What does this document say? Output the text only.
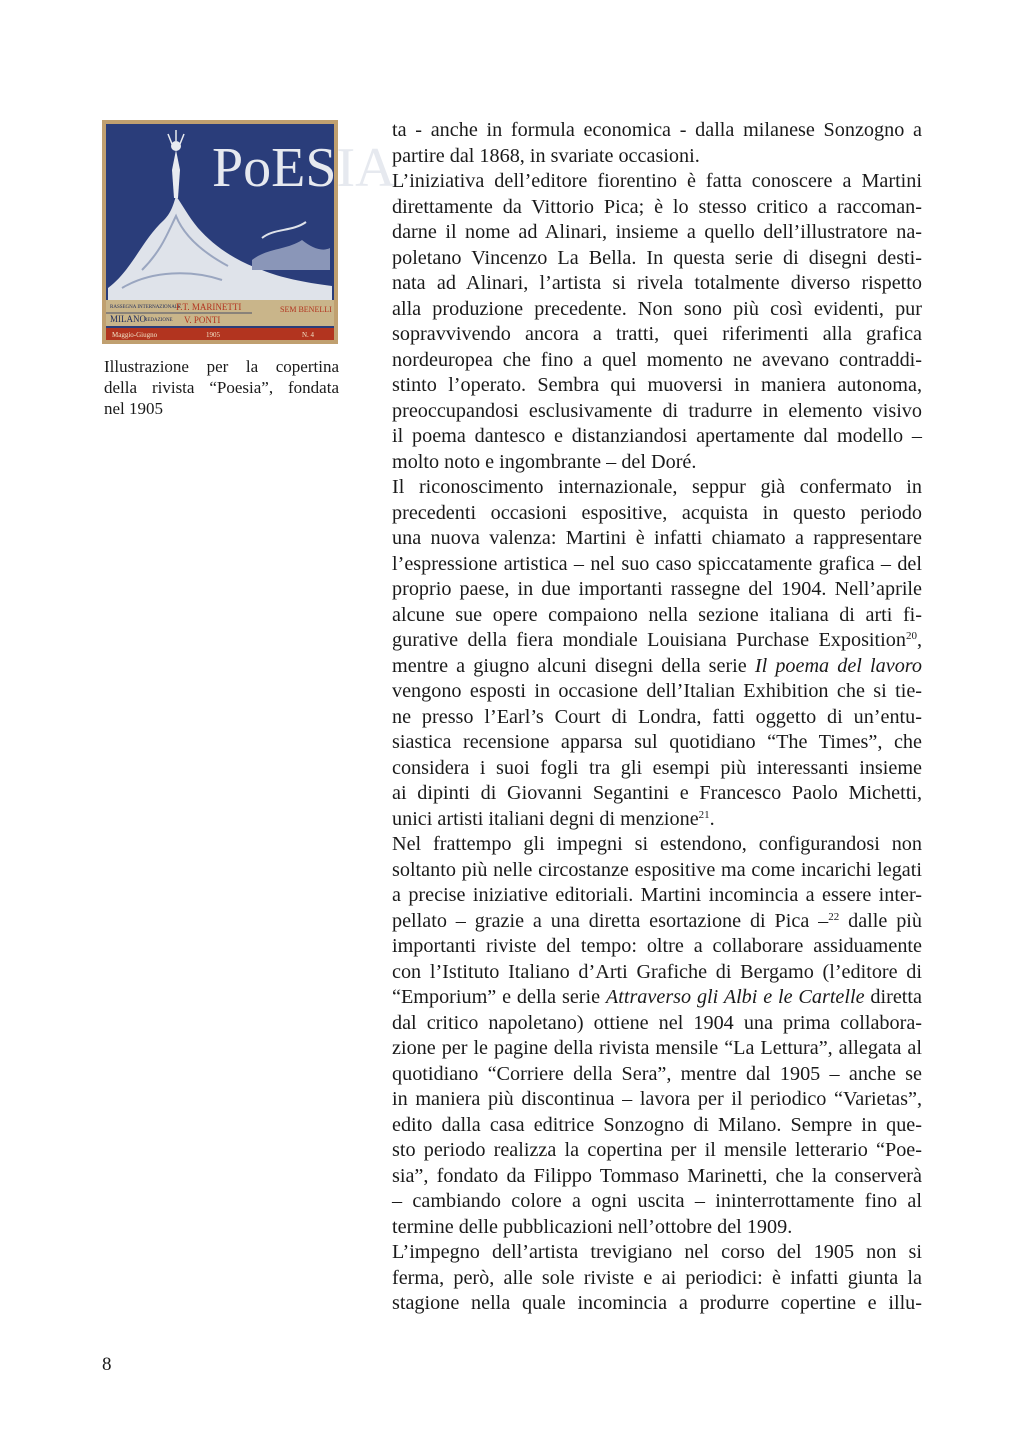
PoESIA
RASSEGNA INTERNAZIONALE
MILANO
REDAZIONE
F.T. MARINETTI
V. PONTI
SEM BENELLI
Maggio-Giugno	1905	N. 4
Illustrazione per la copertina
della rivista “Poesia”, fondata
nel 1905
ta - anche in formula economica - dalla milanese Sonzogno a
partire dal 1868, in svariate occasioni.
L’iniziativa dell’editore fiorentino è fatta conoscere a Martini
direttamente da Vittorio Pica; è lo stesso critico a raccoman-
darne il nome ad Alinari, insieme a quello dell’illustratore na-
poletano Vincenzo La Bella. In questa serie di disegni desti-
nata ad Alinari, l’artista si rivela totalmente diverso rispetto
alla produzione precedente. Non sono più così evidenti, pur
sopravvivendo ancora a tratti, quei riferimenti alla grafica
nordeuropea che fino a quel momento ne avevano contraddi-
stinto l’operato. Sembra qui muoversi in maniera autonoma,
preoccupandosi esclusivamente di tradurre in elemento visivo
il poema dantesco e distanziandosi apertamente dal modello –
molto noto e ingombrante – del Doré.
Il riconoscimento internazionale, seppur già confermato in
precedenti occasioni espositive, acquista in questo periodo
una nuova valenza: Martini è infatti chiamato a rappresentare
l’espressione artistica – nel suo caso spiccatamente grafica – del
proprio paese, in due importanti rassegne del 1904. Nell’aprile
alcune sue opere compaiono nella sezione italiana di arti fi-
gurative della fiera mondiale Louisiana Purchase Exposition$^{20}$,
mentre a giugno alcuni disegni della serie Il poema del lavoro
vengono esposti in occasione dell’Italian Exhibition che si tie-
ne presso l’Earl’s Court di Londra, fatti oggetto di un’entu-
siastica recensione apparsa sul quotidiano “The Times”, che
considera i suoi fogli tra gli esempi più interessanti insieme
ai dipinti di Giovanni Segantini e Francesco Paolo Michetti,
unici artisti italiani degni di menzione$^{21}$.
Nel frattempo gli impegni si estendono, configurandosi non
soltanto più nelle circostanze espositive ma come incarichi legati
a precise iniziative editoriali. Martini incomincia a essere inter-
pellato – grazie a una diretta esortazione di Pica –$^{22}$ dalle più
importanti riviste del tempo: oltre a collaborare assiduamente
con l’Istituto Italiano d’Arti Grafiche di Bergamo (l’editore di
“Emporium” e della serie Attraverso gli Albi e le Cartelle diretta
dal critico napoletano) ottiene nel 1904 una prima collabora-
zione per le pagine della rivista mensile “La Lettura”, allegata al
quotidiano “Corriere della Sera”, mentre dal 1905 – anche se
in maniera più discontinua – lavora per il periodico “Varietas”,
edito dalla casa editrice Sonzogno di Milano. Sempre in que-
sto periodo realizza la copertina per il mensile letterario “Poe-
sia”, fondato da Filippo Tommaso Marinetti, che la conserverà
– cambiando colore a ogni uscita – ininterrottamente fino al
termine delle pubblicazioni nell’ottobre del 1909.
L’impegno dell’artista trevigiano nel corso del 1905 non si
ferma, però, alle sole riviste e ai periodici: è infatti giunta la
stagione nella quale incomincia a produrre copertine e illu-
8
